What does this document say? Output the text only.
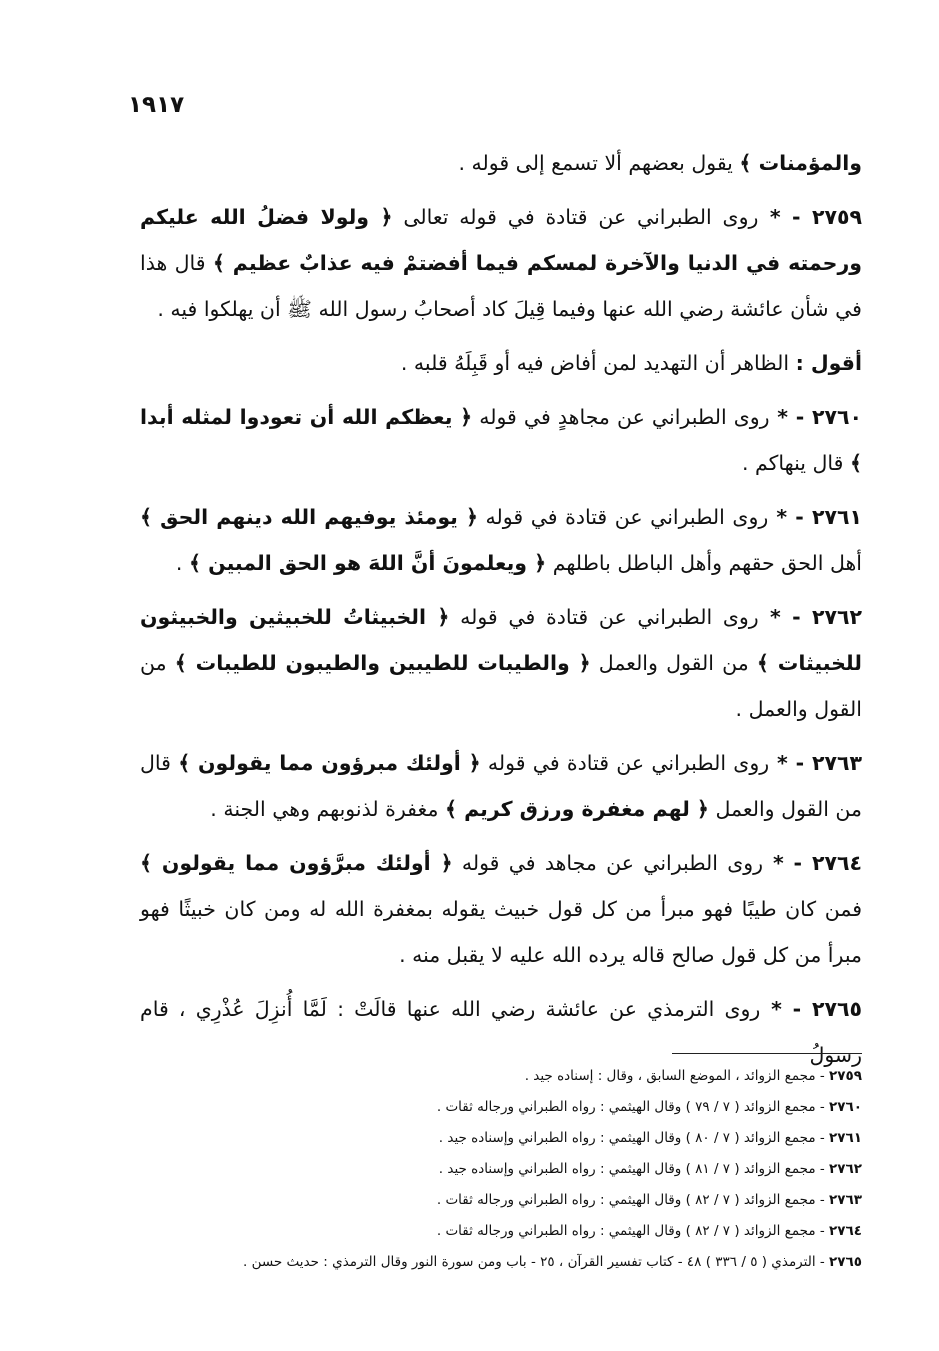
١٩١٧

والمؤمنات ﴾ يقول بعضهم ألا تسمع إلى قوله .

٢٧٥٩ - * روى الطبراني عن قتادة في قوله تعالى ﴿ ولولا فضلُ الله عليكم ورحمته في الدنيا والآخرة لمسكم فيما أفضتمْ فيه عذابٌ عظيم ﴾ قال هذا في شأن عائشة رضي الله عنها وفيما قِيلَ كاد أصحابُ رسول الله ﷺ أن يهلكوا فيه .

أقول : الظاهر أن التهديد لمن أفاض فيه أو قَبِلَهُ قلبه .

٢٧٦٠ - * روى الطبراني عن مجاهدٍ في قوله ﴿ يعظكم الله أن تعودوا لمثله أبدا ﴾ قال ينهاكم .

٢٧٦١ - * روى الطبراني عن قتادة في قوله ﴿ يومئذ يوفيهم الله دينهم الحق ﴾ أهل الحق حقهم وأهل الباطل باطلهم ﴿ ويعلمونَ أنَّ اللهَ هو الحق المبين ﴾ .

٢٧٦٢ - * روى الطبراني عن قتادة في قوله ﴿ الخبيثاتُ للخبيثين والخبيثون للخبيثات ﴾ من القول والعمل ﴿ والطيبات للطيبين والطيبون للطيبات ﴾ من القول والعمل .

٢٧٦٣ - * روى الطبراني عن قتادة في قوله ﴿ أولئك مبرؤون مما يقولون ﴾ قال من القول والعمل ﴿ لهم مغفرة ورزق كريم ﴾ مغفرة لذنوبهم وهي الجنة .

٢٧٦٤ - * روى الطبراني عن مجاهد في قوله ﴿ أولئك مبرَّؤون مما يقولون ﴾ فمن كان طيبًا فهو مبرأ من كل قول خبيث يقوله بمغفرة الله له ومن كان خبيثًا فهو مبرأ من كل قول صالح قاله يرده الله عليه لا يقبل منه .

٢٧٦٥ - * روى الترمذي عن عائشة رضي الله عنها قالَتْ : لَمَّا أُنزِلَ عُذْرِي ، قام رسولُ

٢٧٥٩ - مجمع الزوائد ، الموضع السابق ، وقال : إسناده جيد .
٢٧٦٠ - مجمع الزوائد ( ٧ / ٧٩ ) وقال الهيثمي : رواه الطبراني ورجاله ثقات .
٢٧٦١ - مجمع الزوائد ( ٧ / ٨٠ ) وقال الهيثمي : رواه الطبراني وإسناده جيد .
٢٧٦٢ - مجمع الزوائد ( ٧ / ٨١ ) وقال الهيثمي : رواه الطبراني وإسناده جيد .
٢٧٦٣ - مجمع الزوائد ( ٧ / ٨٢ ) وقال الهيثمي : رواه الطبراني ورجاله ثقات .
٢٧٦٤ - مجمع الزوائد ( ٧ / ٨٢ ) وقال الهيثمي : رواه الطبراني ورجاله ثقات .
٢٧٦٥ - الترمذي ( ٥ / ٣٣٦ ) ٤٨ - كتاب تفسير القرآن ، ٢٥ - باب ومن سورة النور وقال الترمذي : حديث حسن .
